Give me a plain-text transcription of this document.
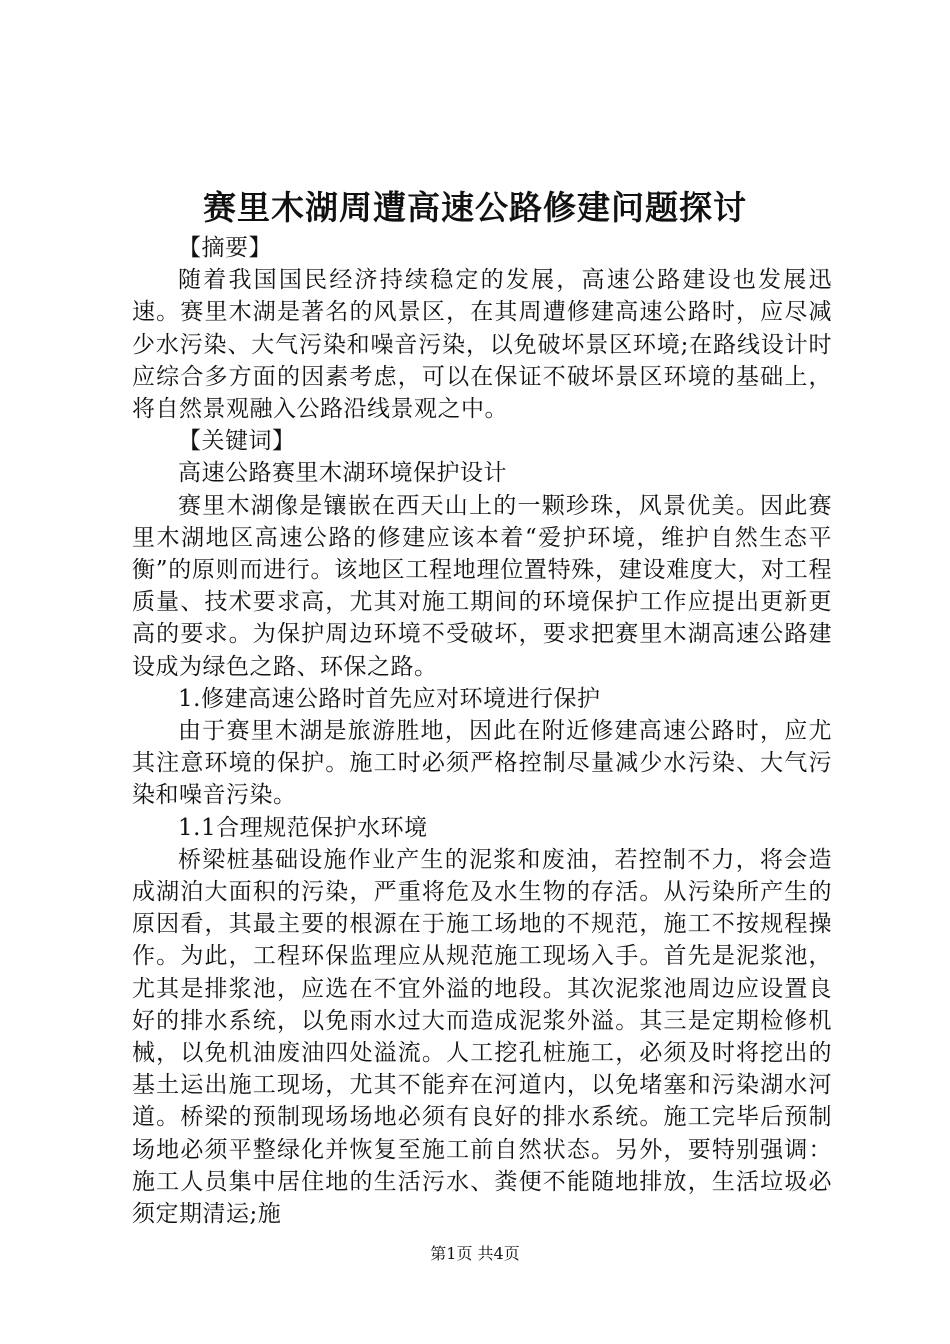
赛里木湖周遭高速公路修建问题探讨

【摘要】

随着我国国民经济持续稳定的发展，高速公路建设也发展迅速。赛里木湖是著名的风景区，在其周遭修建高速公路时，应尽减少水污染、大气污染和噪音污染，以免破坏景区环境;在路线设计时应综合多方面的因素考虑，可以在保证不破坏景区环境的基础上，将自然景观融入公路沿线景观之中。

【关键词】

高速公路赛里木湖环境保护设计

赛里木湖像是镶嵌在西天山上的一颗珍珠，风景优美。因此赛里木湖地区高速公路的修建应该本着“爱护环境，维护自然生态平衡”的原则而进行。该地区工程地理位置特殊，建设难度大，对工程质量、技术要求高，尤其对施工期间的环境保护工作应提出更新更高的要求。为保护周边环境不受破坏，要求把赛里木湖高速公路建设成为绿色之路、环保之路。

1.修建高速公路时首先应对环境进行保护

由于赛里木湖是旅游胜地，因此在附近修建高速公路时，应尤其注意环境的保护。施工时必须严格控制尽量减少水污染、大气污染和噪音污染。

1.1合理规范保护水环境

桥梁桩基础设施作业产生的泥浆和废油，若控制不力，将会造成湖泊大面积的污染，严重将危及水生物的存活。从污染所产生的原因看，其最主要的根源在于施工场地的不规范，施工不按规程操作。为此，工程环保监理应从规范施工现场入手。首先是泥浆池，尤其是排浆池，应选在不宜外溢的地段。其次泥浆池周边应设置良好的排水系统，以免雨水过大而造成泥浆外溢。其三是定期检修机械，以免机油废油四处溢流。人工挖孔桩施工，必须及时将挖出的基土运出施工现场，尤其不能弃在河道内，以免堵塞和污染湖水河道。桥梁的预制现场场地必须有良好的排水系统。施工完毕后预制场地必须平整绿化并恢复至施工前自然状态。另外，要特别强调：施工人员集中居住地的生活污水、粪便不能随地排放，生活垃圾必须定期清运;施

第1页 共4页
